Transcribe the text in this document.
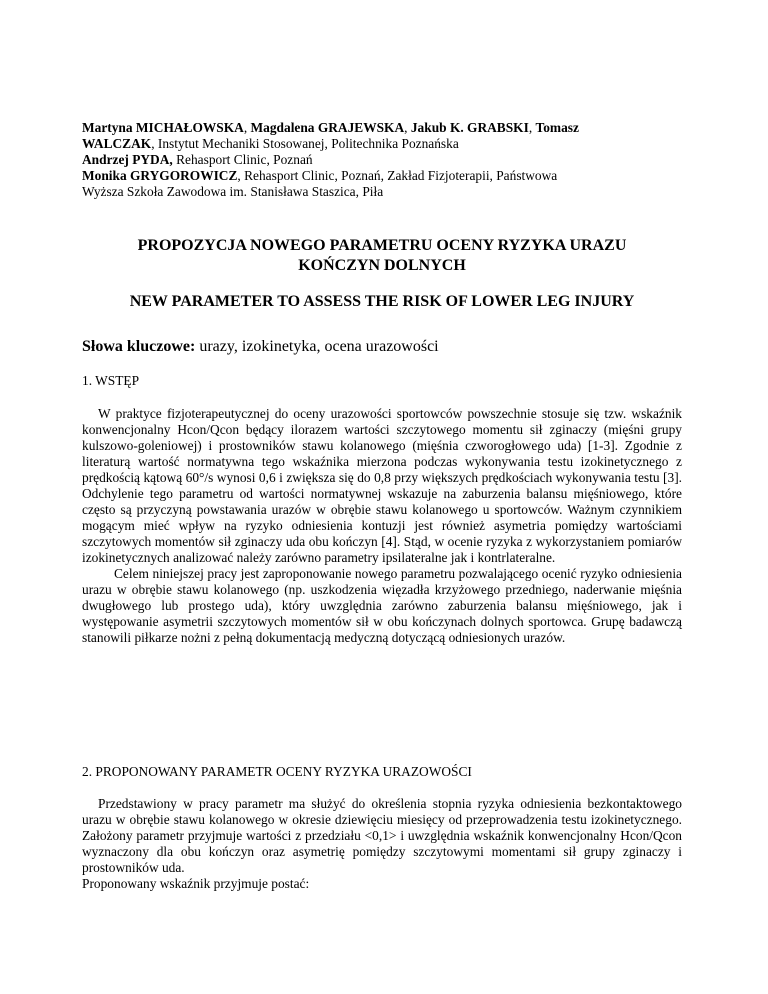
Martyna MICHAŁOWSKA, Magdalena GRAJEWSKA, Jakub K. GRABSKI, Tomasz

WALCZAK, Instytut Mechaniki Stosowanej, Politechnika Poznańska

Andrzej PYDA, Rehasport Clinic, Poznań

Monika GRYGOROWICZ, Rehasport Clinic, Poznań, Zakład Fizjoterapii, Państwowa

Wyższa Szkoła Zawodowa im. Stanisława Staszica, Piła

PROPOZYCJA NOWEGO PARAMETRU OCENY RYZYKA URAZU
KOŃCZYN DOLNYCH
NEW PARAMETER TO ASSESS THE RISK OF LOWER LEG INJURY
Słowa kluczowe: urazy, izokinetyka, ocena urazowości
1. WSTĘP

W praktyce fizjoterapeutycznej do oceny urazowości sportowców powszechnie stosuje się tzw. wskaźnik konwencjonalny Hcon/Qcon będący ilorazem wartości szczytowego momentu sił zginaczy (mięśni grupy kulszowo-goleniowej) i prostowników stawu kolanowego (mięśnia czworogłowego uda) [1-3]. Zgodnie z literaturą wartość normatywna tego wskaźnika mierzona podczas wykonywania testu izokinetycznego z prędkością kątową 60°/s wynosi 0,6 i zwiększa się do 0,8 przy większych prędkościach wykonywania testu [3]. Odchylenie tego parametru od wartości normatywnej wskazuje na zaburzenia balansu mięśniowego, które często są przyczyną powstawania urazów w obrębie stawu kolanowego u sportowców. Ważnym czynnikiem mogącym mieć wpływ na ryzyko odniesienia kontuzji jest również asymetria pomiędzy wartościami szczytowych momentów sił zginaczy uda obu kończyn [4]. Stąd, w ocenie ryzyka z wykorzystaniem pomiarów izokinetycznych analizować należy zarówno parametry ipsilateralne jak i kontrlateralne.

Celem niniejszej pracy jest zaproponowanie nowego parametru pozwalającego ocenić ryzyko odniesienia urazu w obrębie stawu kolanowego (np. uszkodzenia więzadła krzyżowego przedniego, naderwanie mięśnia dwugłowego lub prostego uda), który uwzględnia zarówno zaburzenia balansu mięśniowego, jak i występowanie asymetrii szczytowych momentów sił w obu kończynach dolnych sportowca. Grupę badawczą stanowili piłkarze nożni z pełną dokumentacją medyczną dotyczącą odniesionych urazów.

2. PROPONOWANY PARAMETR OCENY RYZYKA URAZOWOŚCI

Przedstawiony w pracy parametr ma służyć do określenia stopnia ryzyka odniesienia bezkontaktowego urazu w obrębie stawu kolanowego w okresie dziewięciu miesięcy od przeprowadzenia testu izokinetycznego. Założony parametr przyjmuje wartości z przedziału <0,1> i uwzględnia wskaźnik konwencjonalny Hcon/Qcon wyznaczony dla obu kończyn oraz asymetrię pomiędzy szczytowymi momentami sił grupy zginaczy i prostowników uda.

Proponowany wskaźnik przyjmuje postać:
